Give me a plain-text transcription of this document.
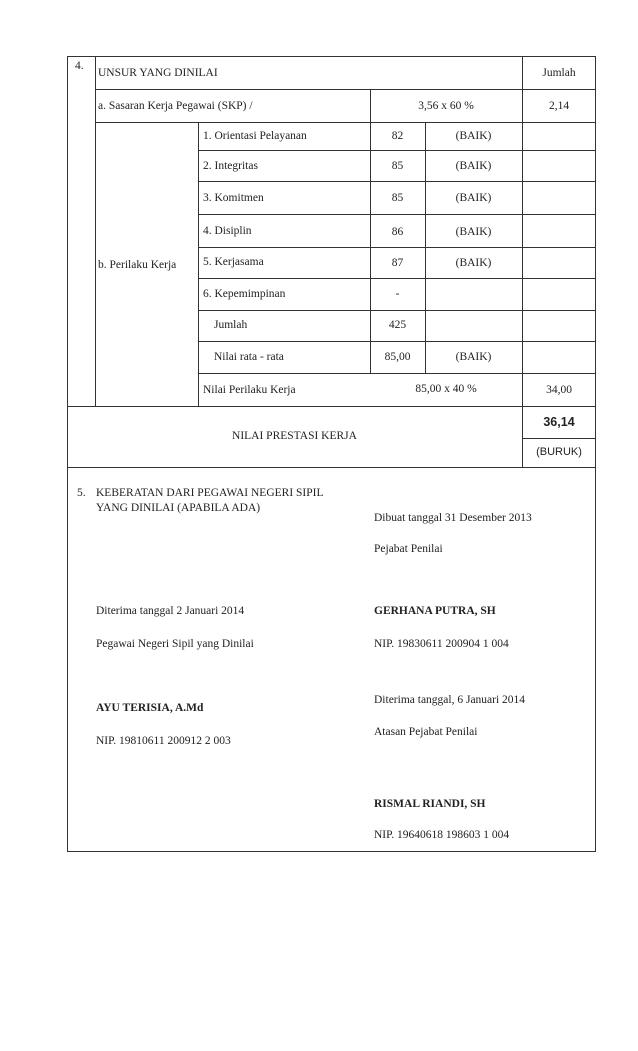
4.
UNSUR YANG DINILAI	Jumlah
a. Sasaran Kerja Pegawai (SKP) /	3,56 x 60 %	2,14
b. Perilaku Kerja
1. Orientasi Pelayanan	82	(BAIK)
2. Integritas	85	(BAIK)
3. Komitmen	85	(BAIK)
4. Disiplin	86	(BAIK)
5. Kerjasama	87	(BAIK)
6. Kepemimpinan	-
Jumlah	425
Nilai rata - rata	85,00	(BAIK)
Nilai Perilaku Kerja	85,00 x 40 %	34,00
NILAI PRESTASI KERJA
36,14
(BURUK)
5. KEBERATAN DARI PEGAWAI NEGERI SIPIL
YANG DINILAI (APABILA ADA)
Diterima tanggal 2 Januari 2014
Pegawai Negeri Sipil yang Dinilai
AYU TERISIA, A.Md
NIP. 19810611 200912 2 003
Dibuat tanggal 31 Desember 2013
Pejabat Penilai
GERHANA PUTRA, SH
NIP. 19830611 200904 1 004
Diterima tanggal, 6 Januari 2014
Atasan Pejabat Penilai
RISMAL RIANDI, SH
NIP. 19640618 198603 1 004
